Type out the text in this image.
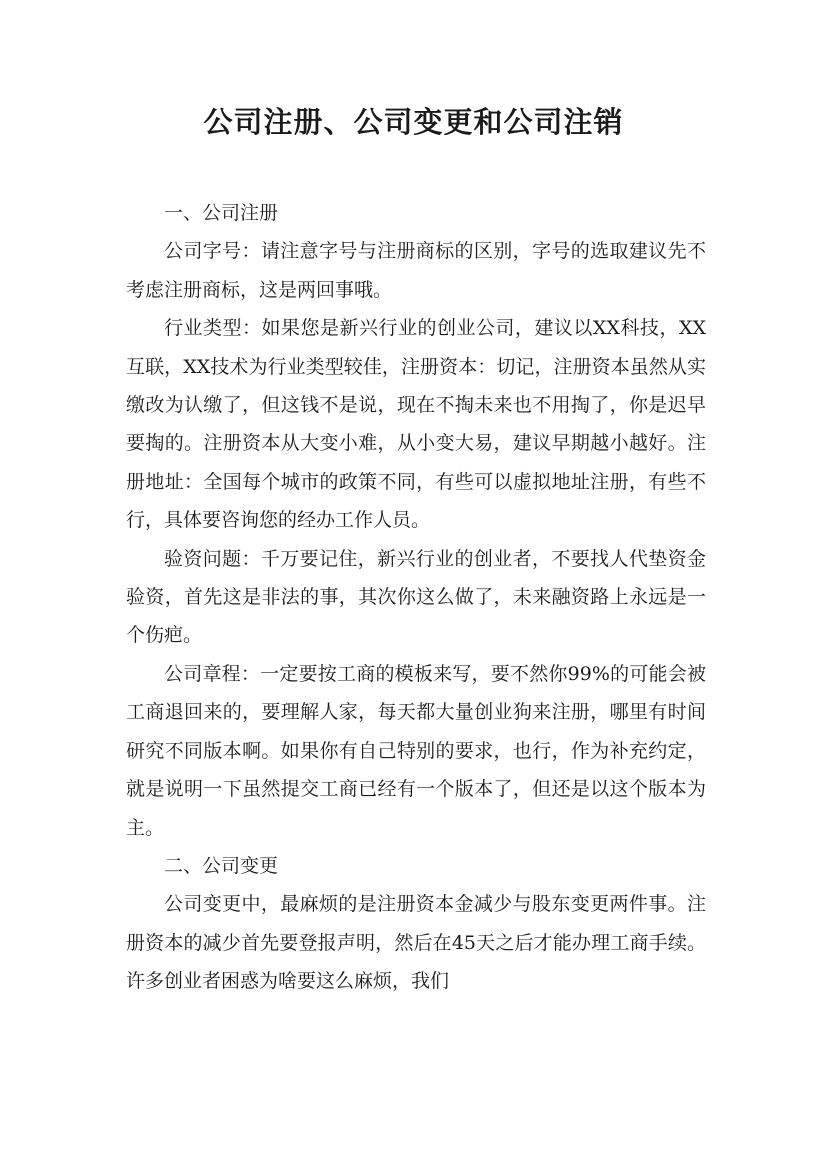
公司注册、公司变更和公司注销

一、公司注册

公司字号：请注意字号与注册商标的区别，字号的选取建议先不考虑注册商标，这是两回事哦。

行业类型：如果您是新兴行业的创业公司，建议以XX科技，XX互联，XX技术为行业类型较佳，注册资本：切记，注册资本虽然从实缴改为认缴了，但这钱不是说，现在不掏未来也不用掏了，你是迟早要掏的。注册资本从大变小难，从小变大易，建议早期越小越好。注册地址：全国每个城市的政策不同，有些可以虚拟地址注册，有些不行，具体要咨询您的经办工作人员。

验资问题：千万要记住，新兴行业的创业者，不要找人代垫资金验资，首先这是非法的事，其次你这么做了，未来融资路上永远是一个伤疤。

公司章程：一定要按工商的模板来写，要不然你99%的可能会被工商退回来的，要理解人家，每天都大量创业狗来注册，哪里有时间研究不同版本啊。如果你有自己特别的要求，也行，作为补充约定，就是说明一下虽然提交工商已经有一个版本了，但还是以这个版本为主。

二、公司变更

公司变更中，最麻烦的是注册资本金减少与股东变更两件事。注册资本的减少首先要登报声明，然后在45天之后才能办理工商手续。许多创业者困惑为啥要这么麻烦，我们
